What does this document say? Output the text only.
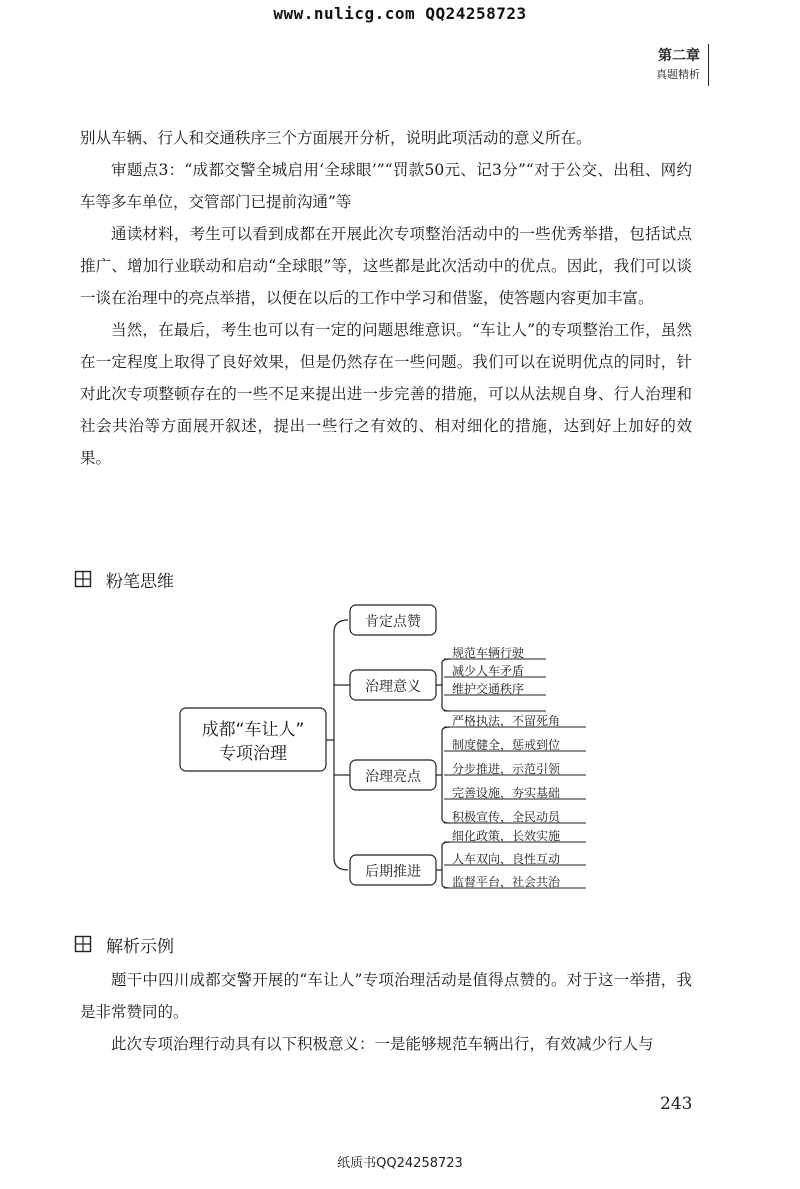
www.nulicg.com QQ24258723
第二章
真题精析

别从车辆、行人和交通秩序三个方面展开分析，说明此项活动的意义所在。

审题点3：“成都交警全城启用‘全球眼’”“罚款50元、记3分”“对于公交、出租、网约车等多车单位，交管部门已提前沟通”等

通读材料，考生可以看到成都在开展此次专项整治活动中的一些优秀举措，包括试点推广、增加行业联动和启动“全球眼”等，这些都是此次活动中的优点。因此，我们可以谈一谈在治理中的亮点举措，以便在以后的工作中学习和借鉴，使答题内容更加丰富。

当然，在最后，考生也可以有一定的问题思维意识。“车让人”的专项整治工作，虽然在一定程度上取得了良好效果，但是仍然存在一些问题。我们可以在说明优点的同时，针对此次专项整顿存在的一些不足来提出进一步完善的措施，可以从法规自身、行人治理和社会共治等方面展开叙述，提出一些行之有效的、相对细化的措施，达到好上加好的效果。

粉笔思维
成都“车让人”
专项治理
肯定点赞
治理意义
治理亮点
后期推进
规范车辆行驶
减少人车矛盾
维护交通秩序
严格执法，不留死角
制度健全，惩戒到位
分步推进，示范引领
完善设施，夯实基础
积极宣传，全民动员
细化政策，长效实施
人车双向，良性互动
监督平台，社会共治
解析示例

题干中四川成都交警开展的“车让人”专项治理活动是值得点赞的。对于这一举措，我是非常赞同的。

此次专项治理行动具有以下积极意义：一是能够规范车辆出行，有效减少行人与

243
纸质书QQ24258723
